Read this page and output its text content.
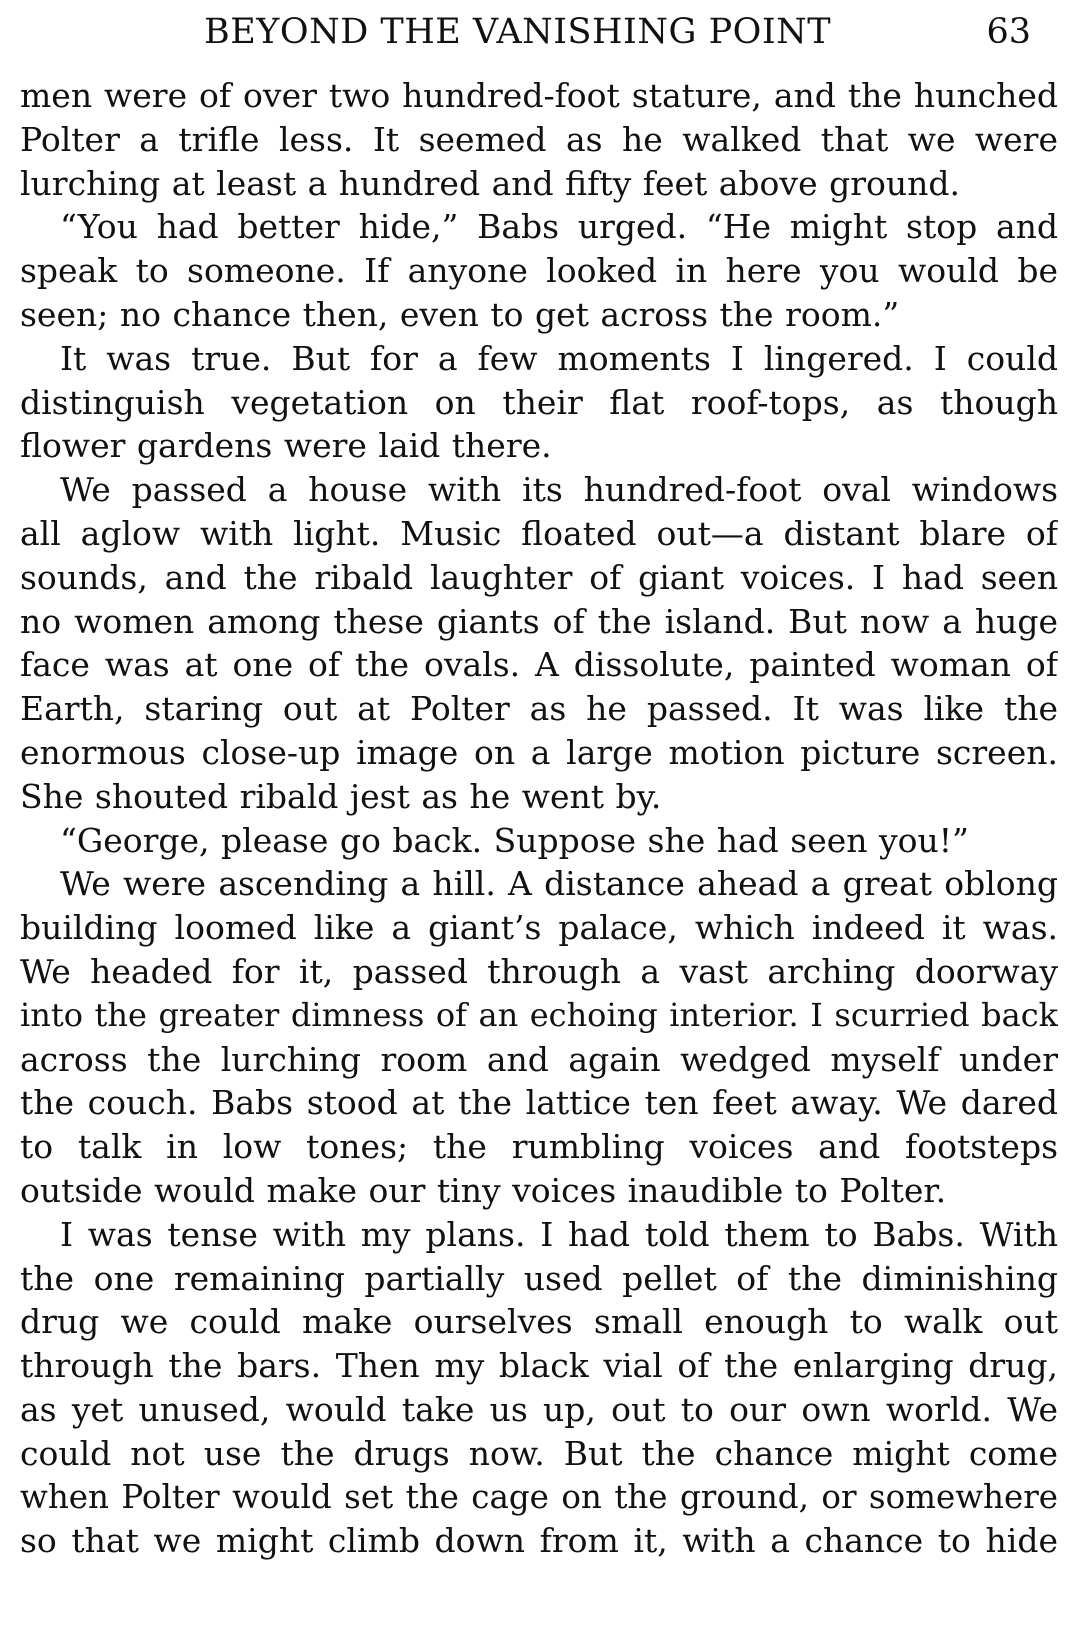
BEYOND THE VANISHING POINT	63
men were of over two hundred-foot stature, and the hunched
Polter a trifle less. It seemed as he walked that we were
lurching at least a hundred and fifty feet above ground.
“You had better hide,” Babs urged. “He might stop and
speak to someone. If anyone looked in here you would be
seen; no chance then, even to get across the room.”
It was true. But for a few moments I lingered. I could
distinguish vegetation on their flat roof-tops, as though
flower gardens were laid there.
We passed a house with its hundred-foot oval windows
all aglow with light. Music floated out—a distant blare of
sounds, and the ribald laughter of giant voices. I had seen
no women among these giants of the island. But now a huge
face was at one of the ovals. A dissolute, painted woman of
Earth, staring out at Polter as he passed. It was like the
enormous close-up image on a large motion picture screen.
She shouted ribald jest as he went by.
“George, please go back. Suppose she had seen you!”
We were ascending a hill. A distance ahead a great oblong
building loomed like a giant’s palace, which indeed it was.
We headed for it, passed through a vast arching doorway
into the greater dimness of an echoing interior. I scurried back
across the lurching room and again wedged myself under
the couch. Babs stood at the lattice ten feet away. We dared
to talk in low tones; the rumbling voices and footsteps
outside would make our tiny voices inaudible to Polter.
I was tense with my plans. I had told them to Babs. With
the one remaining partially used pellet of the diminishing
drug we could make ourselves small enough to walk out
through the bars. Then my black vial of the enlarging drug,
as yet unused, would take us up, out to our own world. We
could not use the drugs now. But the chance might come
when Polter would set the cage on the ground, or somewhere
so that we might climb down from it, with a chance to hide
